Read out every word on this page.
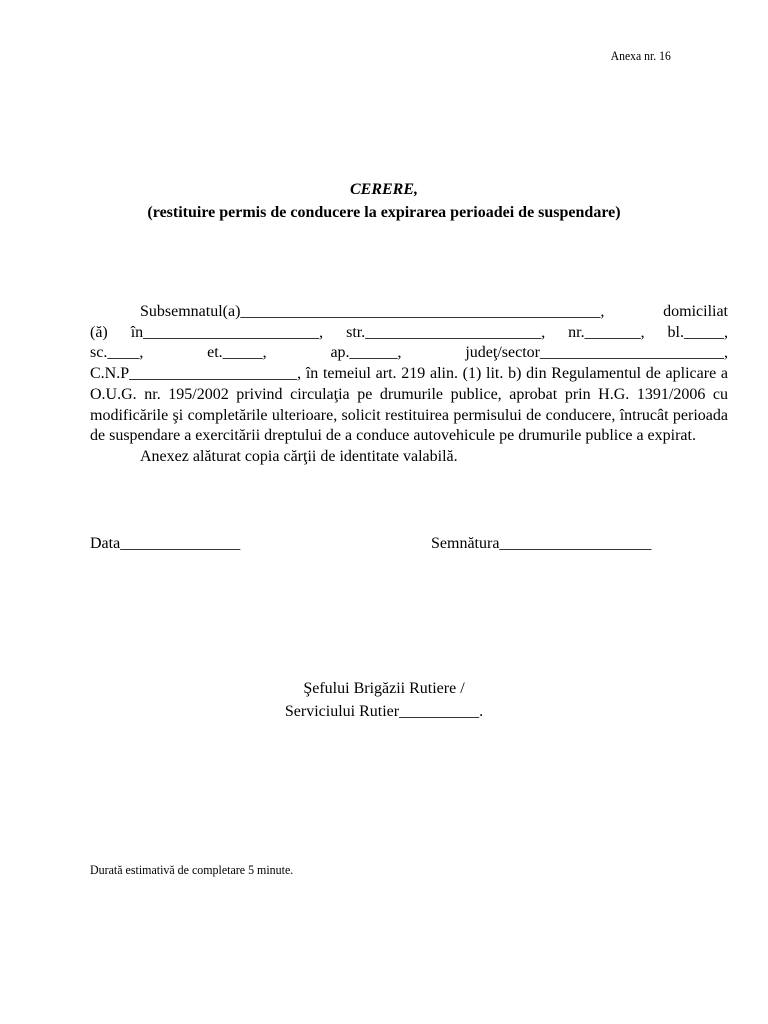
Anexa nr. 16
CERERE,
(restituire permis de conducere la expirarea perioadei de suspendare)

Subsemnatul(a)_____________________________________________, domiciliat

(ă) în______________________, str.______________________, nr._______, bl._____,

sc.____, et._____, ap.______, judeţ/sector_______________________,

C.N.P_____________________, în temeiul art. 219 alin. (1) lit. b) din Regulamentul de aplicare a O.U.G. nr. 195/2002 privind circulaţia pe drumurile publice, aprobat prin H.G. 1391/2006 cu modificările şi completările ulterioare, solicit restituirea permisului de conducere, întrucât perioada de suspendare a exercitării dreptului de a conduce autovehicule pe drumurile publice a expirat.

Anexez alăturat copia cărţii de identitate valabilă.

Data_______________	Semnătura___________________
Şefului Brigăzii Rutiere /
Serviciului Rutier__________.
Durată estimativă de completare 5 minute.
